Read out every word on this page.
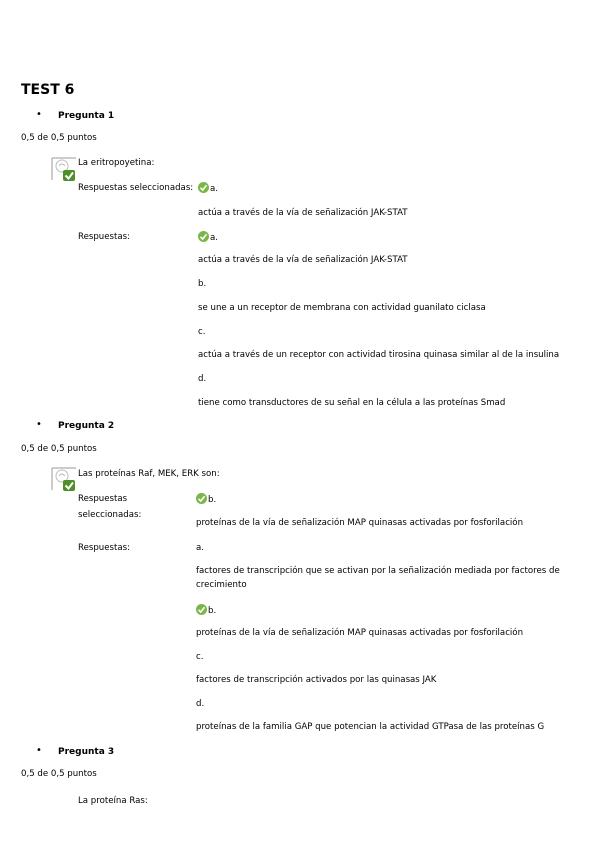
TEST 6
• Pregunta 1
0,5 de 0,5 puntos
La eritropoyetina:
Respuestas seleccionadas:	a.
actúa a través de la vía de señalización JAK-STAT
Respuestas:	a.
actúa a través de la vía de señalización JAK-STAT
b.
se une a un receptor de membrana con actividad guanilato ciclasa
c.
actúa a través de un receptor con actividad tirosina quinasa similar al de la insulina
d.
tiene como transductores de su señal en la célula a las proteínas Smad
• Pregunta 2
0,5 de 0,5 puntos
Las proteínas Raf, MEK, ERK son:
Respuestas
seleccionadas:
b.
proteínas de la vía de señalización MAP quinasas activadas por fosforilación
Respuestas:	a.
factores de transcripción que se activan por la señalización mediada por factores de
crecimiento
b.
proteínas de la vía de señalización MAP quinasas activadas por fosforilación
c.
factores de transcripción activados por las quinasas JAK
d.
proteínas de la familia GAP que potencian la actividad GTPasa de las proteínas G
• Pregunta 3
0,5 de 0,5 puntos
La proteína Ras:
